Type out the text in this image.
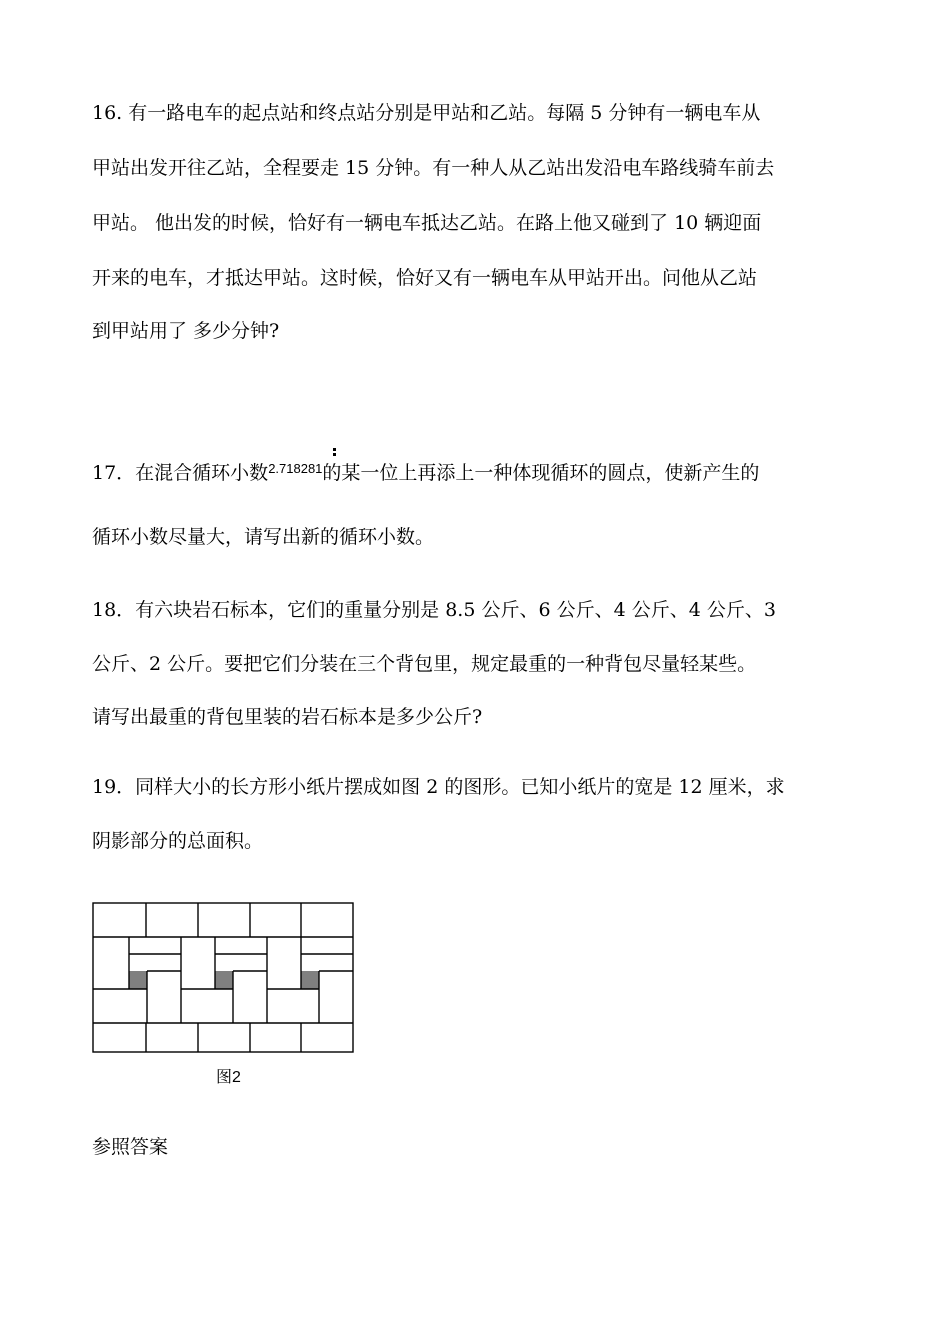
16. 有一路电车的起点站和终点站分别是甲站和乙站。每隔 5 分钟有一辆电车从
甲站出发开往乙站，全程要走 15 分钟。有一种人从乙站出发沿电车路线骑车前去
甲站。 他出发的时候，恰好有一辆电车抵达乙站。在路上他又碰到了 10 辆迎面
开来的电车，才抵达甲站。这时候，恰好又有一辆电车从甲站开出。问他从乙站
到甲站用了 多少分钟?
17．在混合循环小数$^{2.718281}$
的某一位上再添上一种体现循环的圆点，使新产生的
循环小数尽量大，请写出新的循环小数。
18．有六块岩石标本，它们的重量分别是 8.5 公斤、6 公斤、4 公斤、4 公斤、3
公斤、2 公斤。要把它们分装在三个背包里，规定最重的一种背包尽量轻某些。
请写出最重的背包里装的岩石标本是多少公斤?
19．同样大小的长方形小纸片摆成如图 2 的图形。已知小纸片的宽是 12 厘米，求
阴影部分的总面积。
图2
参照答案
